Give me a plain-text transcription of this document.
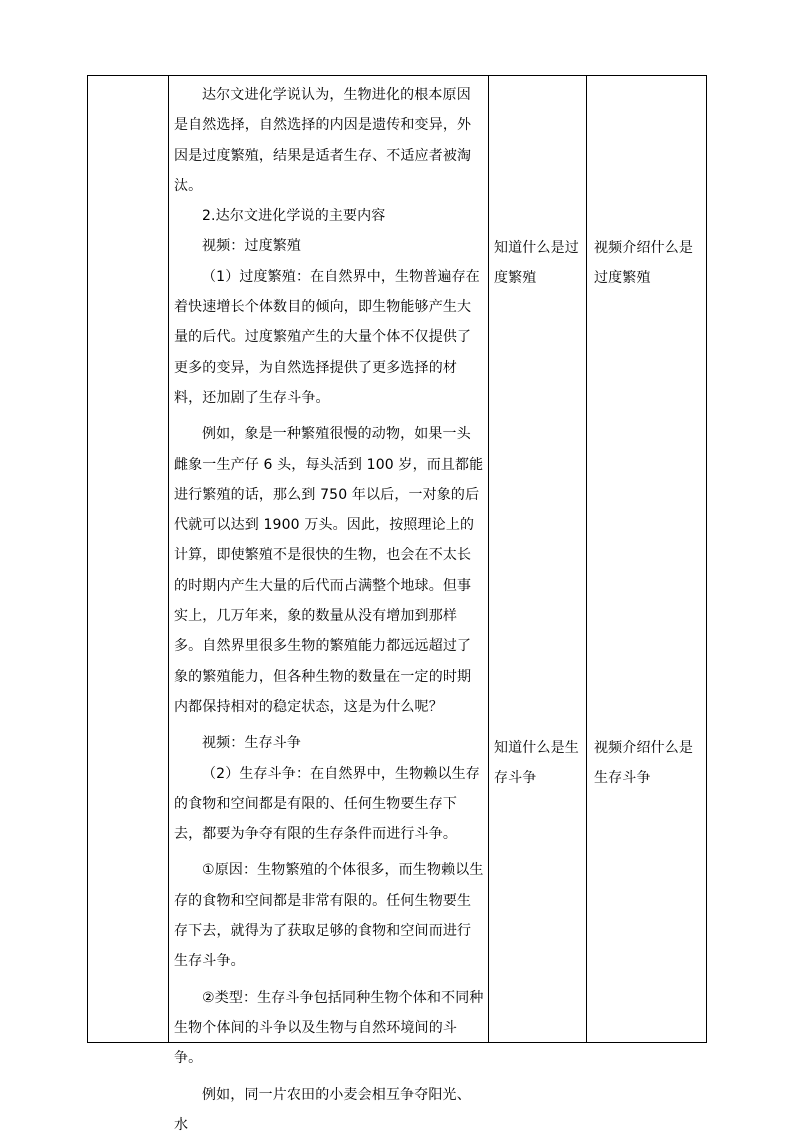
达尔文进化学说认为，生物进化的根本原因是自然选择，自然选择的内因是遗传和变异，外因是过度繁殖，结果是适者生存、不适应者被淘汰。

2.达尔文进化学说的主要内容

视频：过度繁殖

（1）过度繁殖：在自然界中，生物普遍存在着快速增长个体数目的倾向，即生物能够产生大量的后代。过度繁殖产生的大量个体不仅提供了更多的变异，为自然选择提供了更多选择的材料，还加剧了生存斗争。

例如，象是一种繁殖很慢的动物，如果一头雌象一生产仔 6 头，每头活到 100 岁，而且都能进行繁殖的话，那么到 750 年以后，一对象的后代就可以达到 1900 万头。因此，按照理论上的计算，即使繁殖不是很快的生物，也会在不太长的时期内产生大量的后代而占满整个地球。但事实上，几万年来，象的数量从没有增加到那样多。自然界里很多生物的繁殖能力都远远超过了象的繁殖能力，但各种生物的数量在一定的时期内都保持相对的稳定状态，这是为什么呢？

视频：生存斗争

（2）生存斗争：在自然界中，生物赖以生存的食物和空间都是有限的、任何生物要生存下去，都要为争夺有限的生存条件而进行斗争。

①原因：生物繁殖的个体很多，而生物赖以生存的食物和空间都是非常有限的。任何生物要生存下去，就得为了获取足够的食物和空间而进行生存斗争。

②类型：生存斗争包括同种生物个体和不同种生物个体间的斗争以及生物与自然环境间的斗争。

例如，同一片农田的小麦会相互争夺阳光、水

知道什么是过度繁殖
知道什么是生存斗争
视频介绍什么是过度繁殖
视频介绍什么是生存斗争
